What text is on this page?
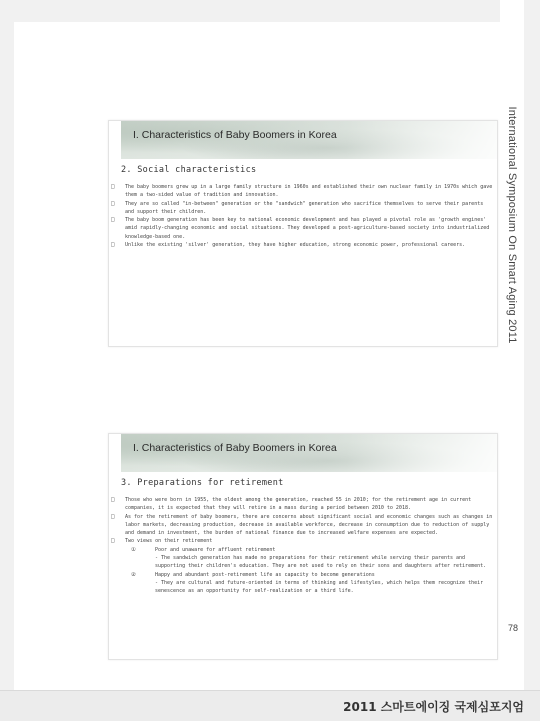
International Symposium On Smart Aging 2011
I. Characteristics of Baby Boomers in Korea
2. Social characteristics
□ The baby boomers grew up in a large family structure in 1960s and established their own nuclear family in 1970s which gave them a two-sided value of tradition and innovation.
□ They are so called "in-between" generation or the "sandwich" generation who sacrifice themselves to serve their parents and support their children.
□ The baby boom generation has been key to national economic development and has played a pivotal role as 'growth engines' amid rapidly-changing economic and social situations. They developed a post-agriculture-based society into industrialized knowledge-based one.
□ Unlike the existing 'silver' generation, they have higher education, strong economic power, professional careers.
I. Characteristics of Baby Boomers in Korea
3. Preparations for retirement
□ Those who were born in 1955, the oldest among the generation, reached 55 in 2010; for the retirement age in current companies, it is expected that they will retire in a mass during a period between 2010 to 2018.
□ As for the retirement of baby boomers, there are concerns about significant social and economic changes such as changes in labor markets, decreasing production, decrease in available workforce, decrease in consumption due to reduction of supply and demand in investment, the burden of national finance due to increased welfare expenses are expected.
□ Two views on their retirement
①	Poor and unaware for affluent retirement
- The sandwich generation has made no preparations for their retirement while serving their parents and supporting their children's education. They are not used to rely on their sons and daughters after retirement.
②	Happy and abundant post-retirement life as capacity to become generations
- They are cultural and future-oriented in terms of thinking and lifestyles, which helps them recognize their senescence as an opportunity for self-realization or a third life.
78
2011 스마트에이징 국제심포지엄
